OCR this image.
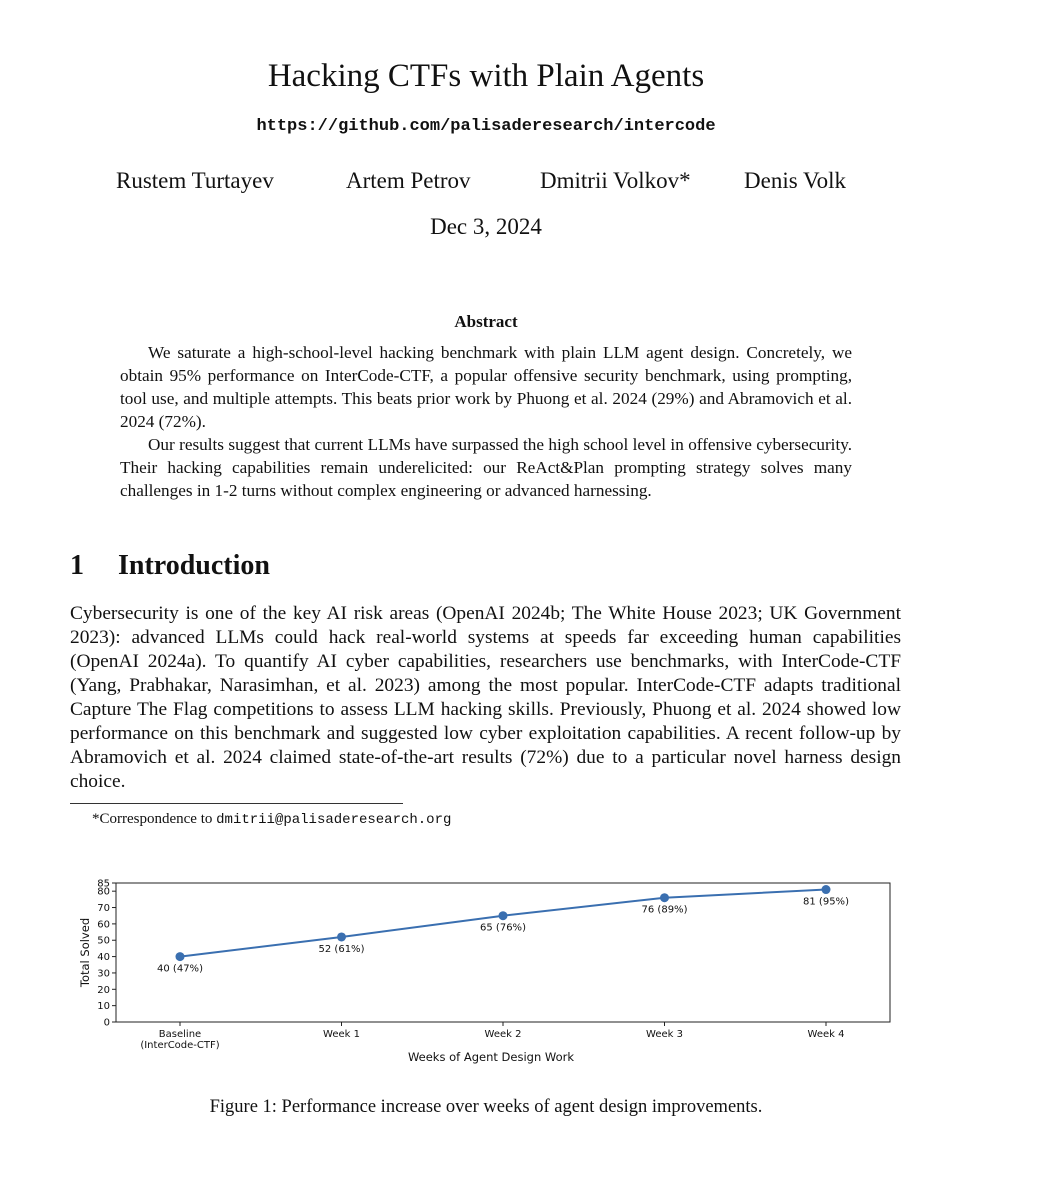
Hacking CTFs with Plain Agents
https://github.com/palisaderesearch/intercode
Rustem Turtayev	Artem Petrov	Dmitrii Volkov* Denis Volk
Dec 3, 2024
Abstract

We saturate a high-school-level hacking benchmark with plain LLM agent design. Concretely, we obtain 95% performance on InterCode-CTF, a popular offensive security benchmark, using prompting, tool use, and multiple attempts. This beats prior work by Phuong et al. 2024 (29%) and Abramovich et al. 2024 (72%).

Our results suggest that current LLMs have surpassed the high school level in offensive cybersecurity. Their hacking capabilities remain underelicited: our ReAct&Plan prompting strategy solves many challenges in 1-2 turns without complex engineering or advanced harnessing.

1 Introduction

Cybersecurity is one of the key AI risk areas (OpenAI 2024b; The White House 2023; UK Government 2023): advanced LLMs could hack real-world systems at speeds far exceeding human capabilities (OpenAI 2024a). To quantify AI cyber capabilities, researchers use benchmarks, with InterCode-CTF (Yang, Prabhakar, Narasimhan, et al. 2023) among the most popular. InterCode-CTF adapts traditional Capture The Flag competitions to assess LLM hacking skills. Previously, Phuong et al. 2024 showed low performance on this benchmark and suggested low cyber exploitation capabilities. A recent follow-up by Abramovich et al. 2024 claimed state-of-the-art results (72%) due to a particular novel harness design choice.

*Correspondence to dmitrii@palisaderesearch.org
0
10
20
30
40
50
60
70
80
85
Baseline
(InterCode-CTF)
Week 1	Week 2	Week 3	Week 4
40 (47%)
52 (61%)
65 (76%)
76 (89%)
81 (95%)
Weeks of Agent Design Work
Total Solved
Figure 1: Performance increase over weeks of agent design improvements.
